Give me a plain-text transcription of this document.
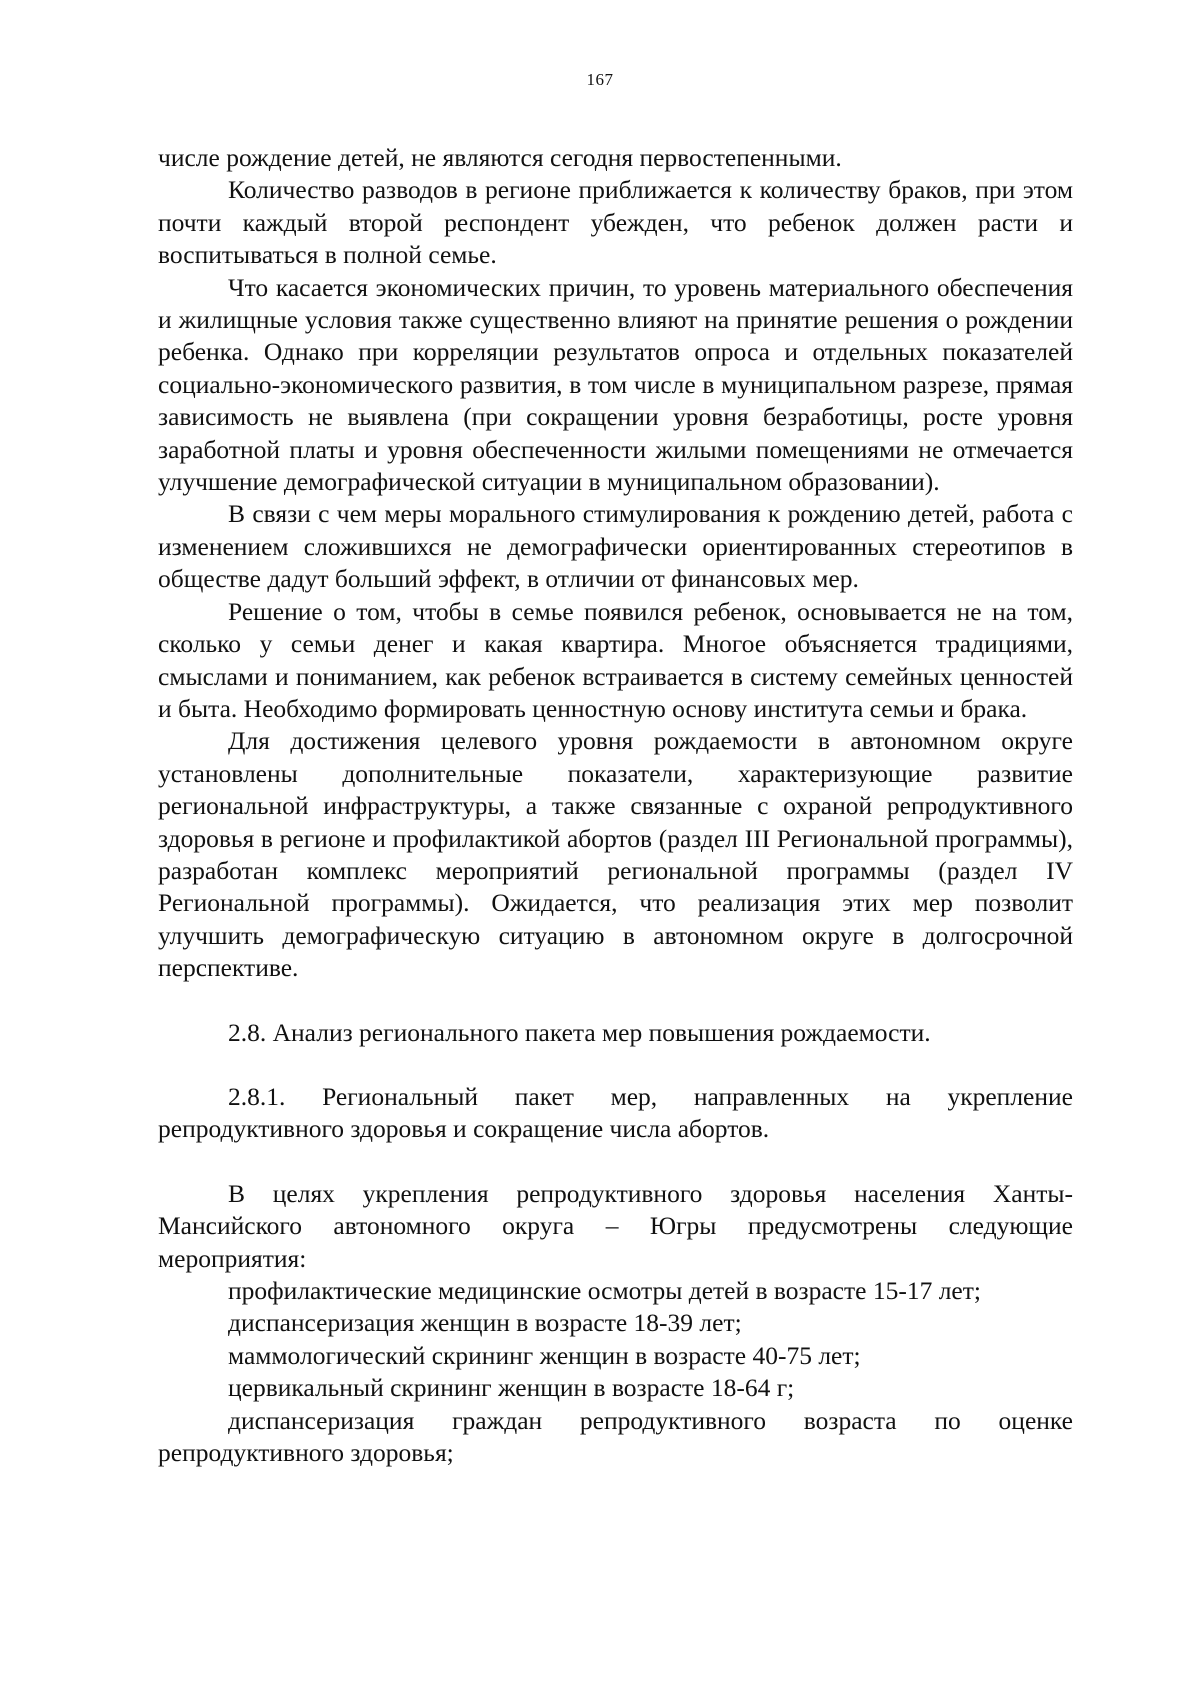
167

числе рождение детей, не являются сегодня первостепенными.

Количество разводов в регионе приближается к количеству браков, при этом почти каждый второй респондент убежден, что ребенок должен расти и воспитываться в полной семье.

Что касается экономических причин, то уровень материального обеспечения и жилищные условия также существенно влияют на принятие решения о рождении ребенка. Однако при корреляции результатов опроса и отдельных показателей социально-экономического развития, в том числе в муниципальном разрезе, прямая зависимость не выявлена (при сокращении уровня безработицы, росте уровня заработной платы и уровня обеспеченности жилыми помещениями не отмечается улучшение демографической ситуации в муниципальном образовании).

В связи с чем меры морального стимулирования к рождению детей, работа с изменением сложившихся не демографически ориентированных стереотипов в обществе дадут больший эффект, в отличии от финансовых мер.

Решение о том, чтобы в семье появился ребенок, основывается не на том, сколько у семьи денег и какая квартира. Многое объясняется традициями, смыслами и пониманием, как ребенок встраивается в систему семейных ценностей и быта. Необходимо формировать ценностную основу института семьи и брака.

Для достижения целевого уровня рождаемости в автономном округе установлены дополнительные показатели, характеризующие развитие региональной инфраструктуры, а также связанные с охраной репродуктивного здоровья в регионе и профилактикой абортов (раздел III Региональной программы), разработан комплекс мероприятий региональной программы (раздел IV Региональной программы). Ожидается, что реализация этих мер позволит улучшить демографическую ситуацию в автономном округе в долгосрочной перспективе.

2.8. Анализ регионального пакета мер повышения рождаемости.

2.8.1. Региональный пакет мер, направленных на укрепление репродуктивного здоровья и сокращение числа абортов.

В целях укрепления репродуктивного здоровья населения Ханты-Мансийского автономного округа – Югры предусмотрены следующие мероприятия:

профилактические медицинские осмотры детей в возрасте 15-17 лет;

диспансеризация женщин в возрасте 18-39 лет;

маммологический скрининг женщин в возрасте 40-75 лет;

цервикальный скрининг женщин в возрасте 18-64 г;

диспансеризация граждан репродуктивного возраста по оценке репродуктивного здоровья;
